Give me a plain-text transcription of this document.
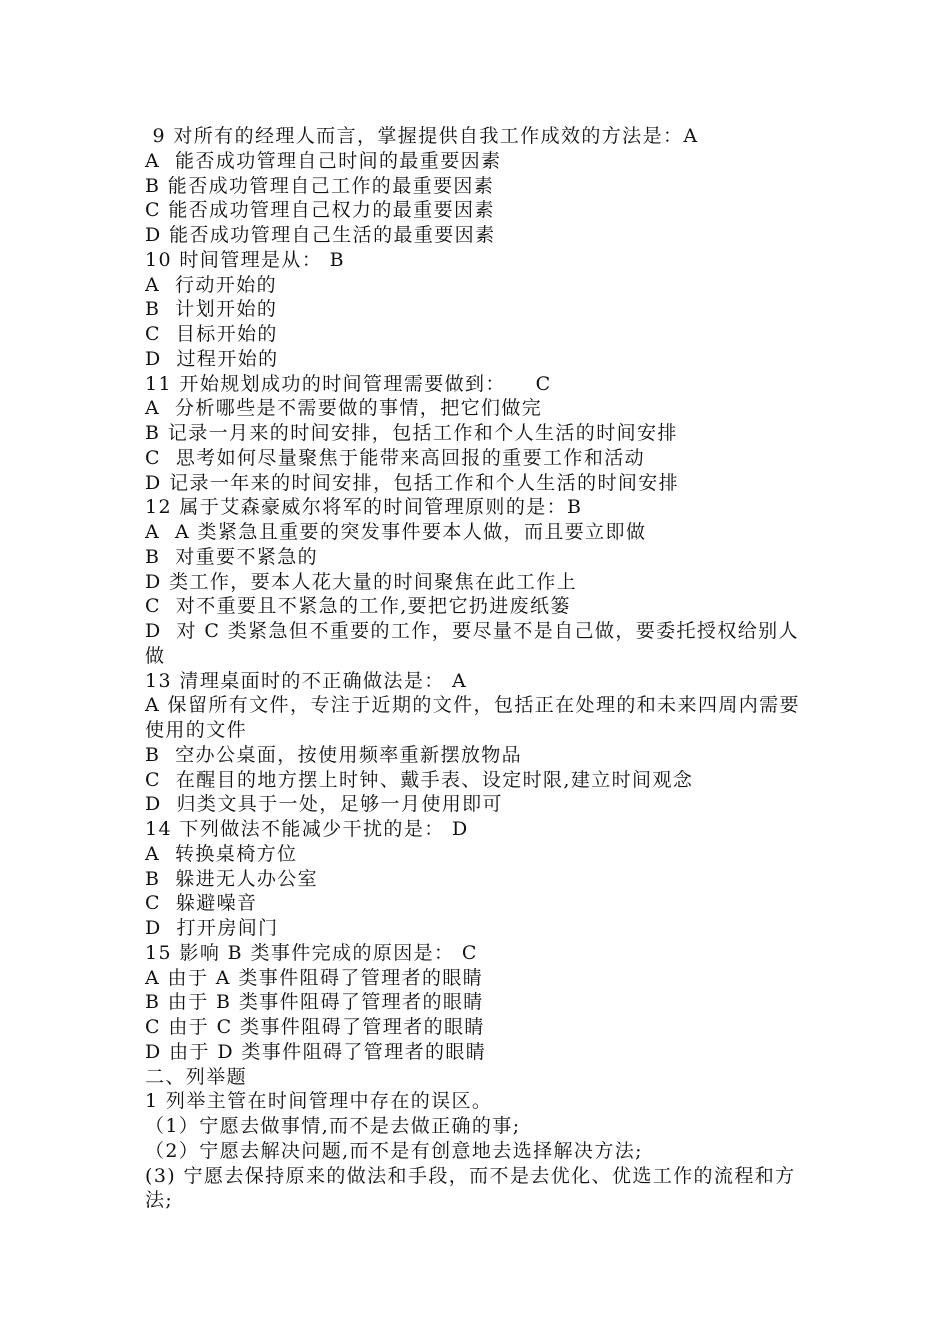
9 对所有的经理人而言，掌握提供自我工作成效的方法是：A

A  能否成功管理自己时间的最重要因素

B 能否成功管理自己工作的最重要因素

C 能否成功管理自己权力的最重要因素

D 能否成功管理自己生活的最重要因素

10 时间管理是从： B

A  行动开始的

B  计划开始的

C  目标开始的

D  过程开始的

11 开始规划成功的时间管理需要做到：    C

A  分析哪些是不需要做的事情，把它们做完

B 记录一月来的时间安排，包括工作和个人生活的时间安排

C  思考如何尽量聚焦于能带来高回报的重要工作和活动

D 记录一年来的时间安排，包括工作和个人生活的时间安排

12 属于艾森豪威尔将军的时间管理原则的是：B

A  A 类紧急且重要的突发事件要本人做，而且要立即做

B  对重要不紧急的

D 类工作，要本人花大量的时间聚焦在此工作上

C  对不重要且不紧急的工作,要把它扔进废纸篓

D  对 C 类紧急但不重要的工作，要尽量不是自己做，要委托授权给别人做

13 清理桌面时的不正确做法是： A

A 保留所有文件，专注于近期的文件，包括正在处理的和未来四周内需要使用的文件

B  空办公桌面，按使用频率重新摆放物品

C  在醒目的地方摆上时钟、戴手表、设定时限,建立时间观念

D  归类文具于一处，足够一月使用即可

14 下列做法不能减少干扰的是： D

A  转换桌椅方位

B  躲进无人办公室

C  躲避噪音

D  打开房间门

15 影响 B 类事件完成的原因是： C

A 由于 A 类事件阻碍了管理者的眼睛

B 由于 B 类事件阻碍了管理者的眼睛

C 由于 C 类事件阻碍了管理者的眼睛

D 由于 D 类事件阻碍了管理者的眼睛

二、列举题

1 列举主管在时间管理中存在的误区。

（1）宁愿去做事情,而不是去做正确的事;

（2）宁愿去解决问题,而不是有创意地去选择解决方法;

(3) 宁愿去保持原来的做法和手段，而不是去优化、优选工作的流程和方法;
